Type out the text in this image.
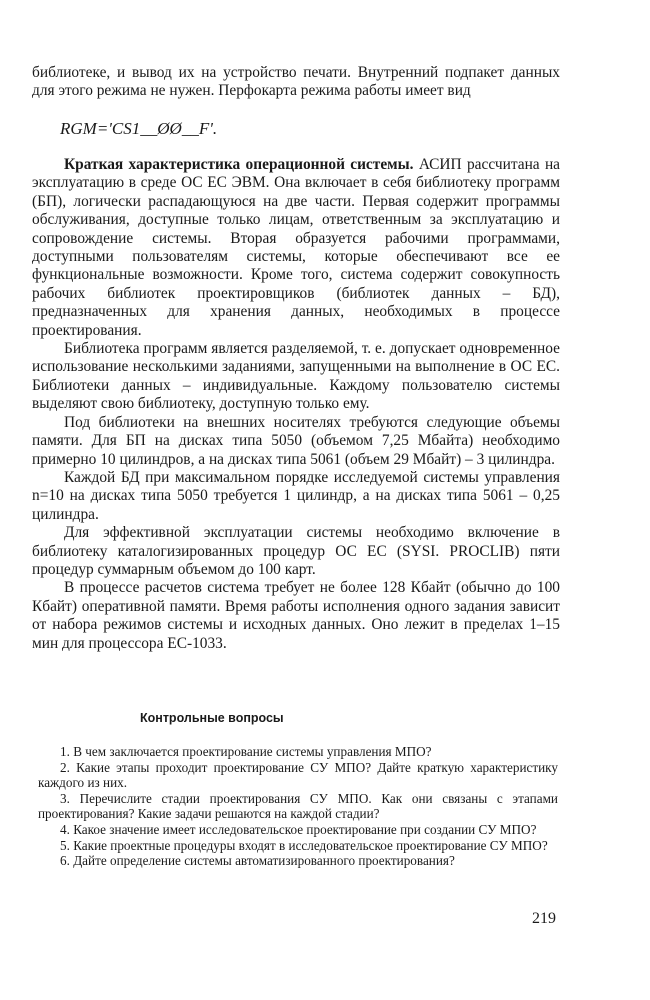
библиотеке, и вывод их на устройство печати. Внутренний подпакет данных для этого режима не нужен. Перфокарта режима работы имеет вид

RGM='CS1__ØØ__F'.

Краткая характеристика операционной системы. АСИП рассчитана на эксплуатацию в среде ОС ЕС ЭВМ. Она включает в себя библиотеку программ (БП), логически распадающуюся на две части. Первая содержит программы обслуживания, доступные только лицам, ответственным за эксплуатацию и сопровождение системы. Вторая образуется рабочими программами, доступными пользователям системы, которые обеспечивают все ее функциональные возможности. Кроме того, система содержит совокупность рабочих библиотек проектировщиков (библиотек данных – БД), предназначенных для хранения данных, необходимых в процессе проектирования.

Библиотека программ является разделяемой, т. е. допускает одновременное использование несколькими заданиями, запущенными на выполнение в ОС ЕС. Библиотеки данных – индивидуальные. Каждому пользователю системы выделяют свою библиотеку, доступную только ему.

Под библиотеки на внешних носителях требуются следующие объемы памяти. Для БП на дисках типа 5050 (объемом 7,25 Мбайта) необходимо примерно 10 цилиндров, а на дисках типа 5061 (объем 29 Мбайт) – 3 цилиндра.

Каждой БД при максимальном порядке исследуемой системы управления n=10 на дисках типа 5050 требуется 1 цилиндр, а на дисках типа 5061 – 0,25 цилиндра.

Для эффективной эксплуатации системы необходимо включение в библиотеку каталогизированных процедур ОС ЕС (SYSI. PROCLIB) пяти процедур суммарным объемом до 100 карт.

В процессе расчетов система требует не более 128 Кбайт (обычно до 100 Кбайт) оперативной памяти. Время работы исполнения одного задания зависит от набора режимов системы и исходных данных. Оно лежит в пределах 1–15 мин для процессора ЕС-1033.

Контрольные вопросы

1. В чем заключается проектирование системы управления МПО?

2. Какие этапы проходит проектирование СУ МПО? Дайте краткую характеристику каждого из них.

3. Перечислите стадии проектирования СУ МПО. Как они связаны с этапами проектирования? Какие задачи решаются на каждой стадии?

4. Какое значение имеет исследовательское проектирование при создании СУ МПО?

5. Какие проектные процедуры входят в исследовательское проектирование СУ МПО?

6. Дайте определение системы автоматизированного проектирования?

219
